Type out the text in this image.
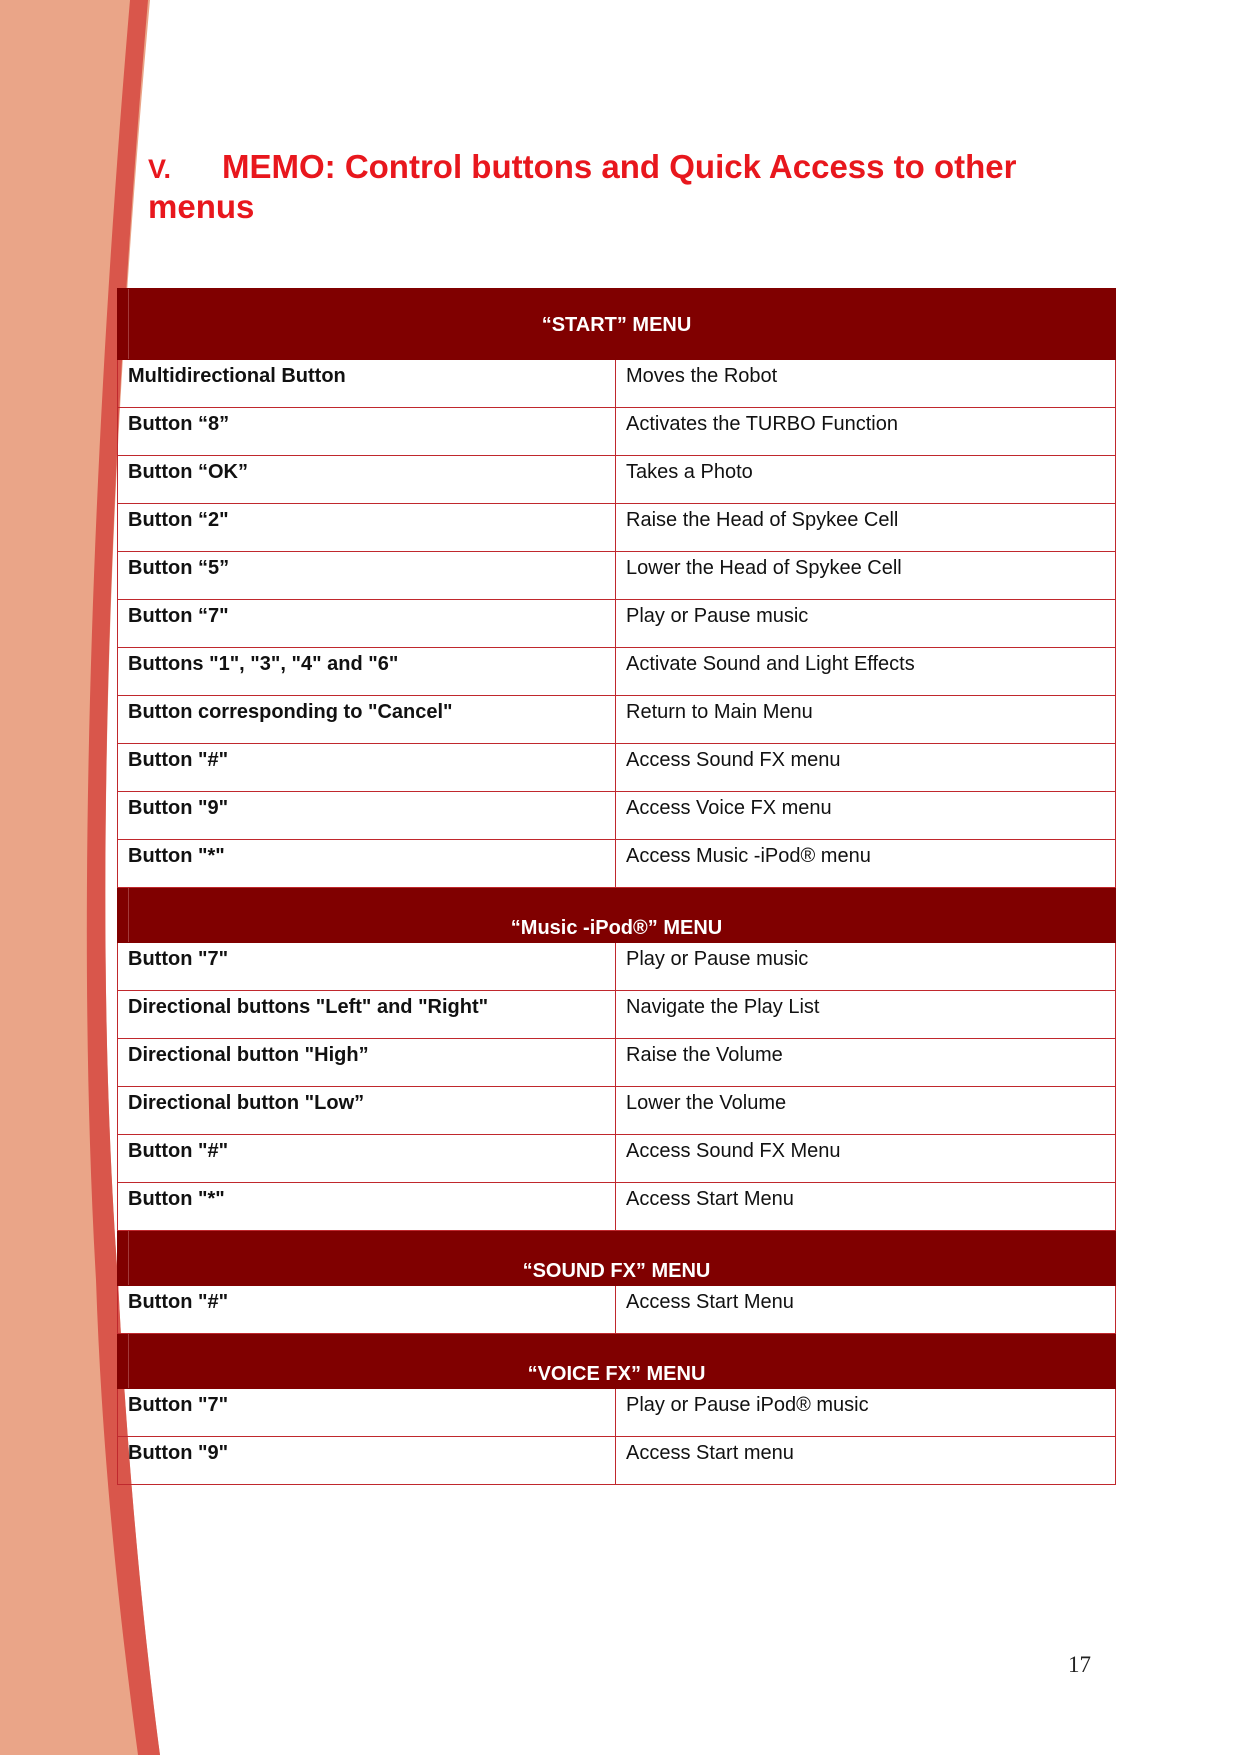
V. MEMO: Control buttons and Quick Access to other menus
“START” MENU	
Multidirectional Button	Moves the Robot
Button “8”	Activates the TURBO Function
Button “OK”	Takes a Photo
Button “2"	Raise the Head of Spykee Cell
Button “5”	Lower the Head of Spykee Cell
Button “7"	Play or Pause music
Buttons "1", "3", "4" and "6"	Activate Sound and Light Effects
Button corresponding to "Cancel"	Return to Main Menu
Button "#"	Access Sound FX menu
Button "9"	Access Voice FX menu
Button "*"	Access Music -iPod® menu
“Music -iPod®” MENU	
Button "7"	Play or Pause music
Directional buttons "Left" and "Right"	Navigate the Play List
Directional button "High”	Raise the Volume
Directional button "Low”	Lower the Volume
Button "#"	Access Sound FX Menu
Button "*"	Access Start Menu
“SOUND FX” MENU	
Button "#"	Access Start Menu
“VOICE FX” MENU	
Button "7"	Play or Pause iPod® music
Button "9"	Access Start menu
17
